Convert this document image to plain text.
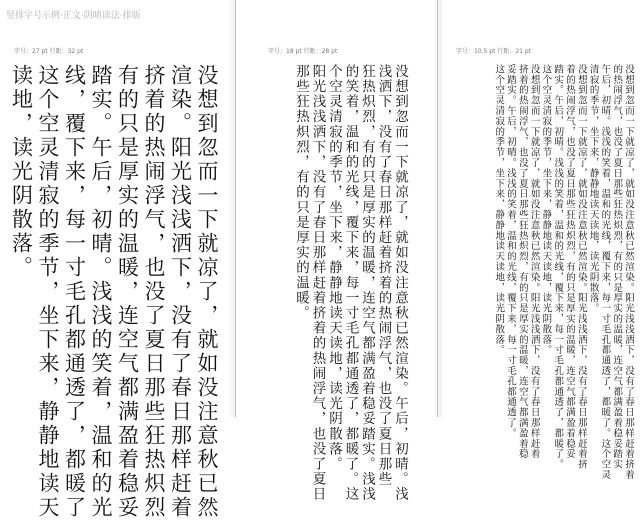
竖排字号示例·正文·阴晴读法·排版
字号：27 pt 行距：32 pt
没想到忽而一下就凉了，就如没注意秋已然
渲染。阳光浅浅洒下，没有了春日那样赶着
挤着的热闹浮气，也没了夏日那些狂热炽烈
有的只是厚实的温暖，连空气都满盈着稳妥
踏实。午后，初晴。浅浅的笑着，温和的光
线，覆下来，每一寸毛孔都通透了，都暖了
这个空灵清寂的季节，坐下来，静静地读天
读地，读光阴散落。
字号：18 pt 行距：28 pt
没想到忽而一下就凉了，就如没注意秋已然渲染。午后，初晴。浅
浅洒下，没有了春日那样赶着挤着的热闹浮气，也没了夏日那些
狂热炽烈，有的只是厚实的温暖，连空气都满盈着稳妥踏实。浅浅
的笑着，温和的光线，覆下来，每一寸毛孔都通透了，都暖了。这
个空灵清寂的季节，坐下来，静静地读天读地，读光阴散落。
阳光浅浅洒下，没有了春日那样赶着挤着的热闹浮气，也没了夏日
那些狂热炽烈，有的只是厚实的温暖。
字号：10.5 pt 行距：21 pt
没想到忽而一下就凉了，就如没注意秋已然渲染。阳光浅浅洒下，没有了春日那样赶着挤着
的热闹浮气，也没了夏日那些狂热炽烈，有的只是厚实的温暖，连空气都满盈着稳妥踏实
午后，初晴。浅浅的笑着，温和的光线，覆下来，每一寸毛孔都通透了，都暖了。这个空灵
清寂的季节，坐下来，静静地读天读地，读光阴散落。
没想到忽而一下就凉了，就如没注意秋已然渲染。阳光浅浅洒下，没有了春日那样赶着挤
着的热闹浮气，也没了夏日那些狂热炽烈，有的只是厚实的温暖，连空气都满盈着稳妥
踏实。午后，初晴。浅浅的笑着，温和的光线，覆下来，每一寸毛孔都通透了，都暖了。
这个空灵清寂的季节，坐下来，静静地读天读地，读光阴散落。
没想到忽而一下就凉了，就如没注意秋已然渲染。阳光浅浅洒下，没有了春日那样赶着
挤着的热闹浮气，也没了夏日那些狂热炽烈，有的只是厚实的温暖，连空气都满盈着稳
妥踏实。午后，初晴。浅浅的笑着，温和的光线，覆下来，每一寸毛孔都通透了。
这个空灵清寂的季节，坐下来，静静地读天读地，读光阴散落。
